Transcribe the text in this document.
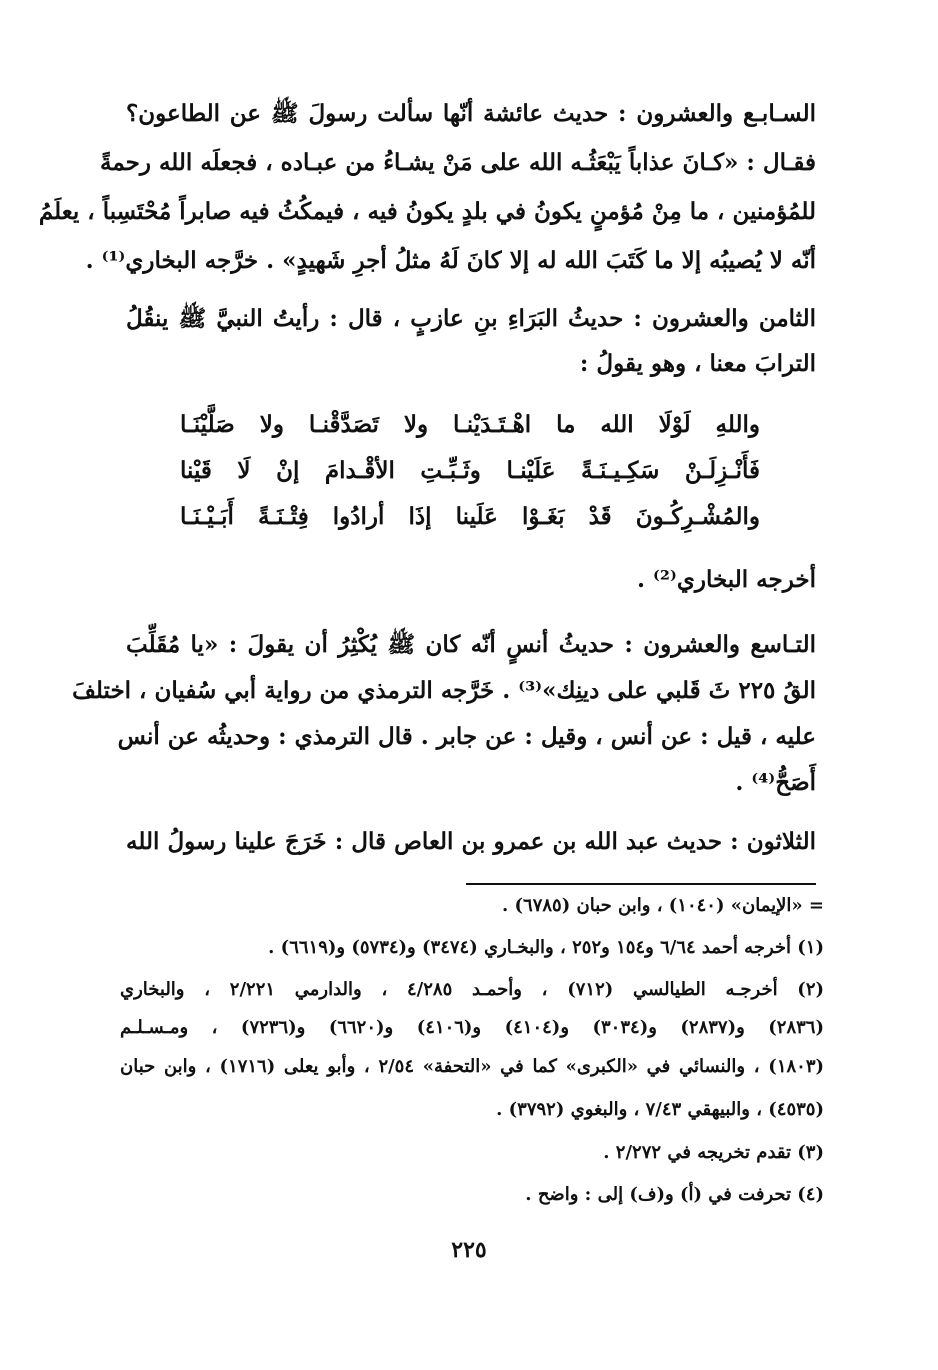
السـابـع والعشرون : حديث عائشة أنّها سألت رسولَ ﷺ عن الطاعون؟
فقـال : «كـانَ عذاباً يَبْعَثُـه الله على مَنْ يشـاءُ من عبـاده ، فجعلَه الله رحمةً
للمُؤمنين ، ما مِنْ مُؤمنٍ يكونُ في بلدٍ يكونُ فيه ، فيمكُثُ فيه صابراً مُحْتَسِباً ، يعلَمُ
أنّه لا يُصيبُه إلا ما كَتَبَ الله له إلا كانَ لَهُ مثلُ أجرِ شَهيدٍ» . خرَّجه البخاري⁽¹⁾ .
الثامن والعشرون : حديثُ البَرَاءِ بنِ عازبٍ ، قال : رأيتُ النبيَّ ﷺ ينقُلُ
الترابَ معنا ، وهو يقولُ :
واللهِ لَوْلَا الله ما اهْـتَـدَيْنـا ولا تَصَدَّقْنـا ولا صَلَّيْنَـا
فَأَنْـزِلَـنْ سَكِـيـنَـةً عَلَيْنـا وثَـبِّـتِ الأقْـدامَ إنْ لَا قَيْنا
والمُشْـرِكُـونَ قَدْ بَغَـوْا عَلَينا إذَا أرادُوا فِتْـنَـةً أَبَـيْـنَـا
أخرجه البخاري⁽²⁾ .
التـاسع والعشرون : حديثُ أنسٍ أنّه كان ﷺ يُكْثِرُ أن يقولَ : «يا مُقَلِّبَ
القُ ٢٢٥ ثَ قَلبي على دينِك»⁽³⁾ . خَرَّجه الترمذي من رواية أبي سُفيان ، اختلفَ
عليه ، قيل : عن أنس ، وقيل : عن جابر . قال الترمذي : وحديثُه عن أنس
أَصَحُّ⁽⁴⁾ .
الثلاثون : حديث عبد الله بن عمرو بن العاص قال : خَرَجَ علينا رسولُ الله
= «الإيمان» (١٠٤٠) ، وابن حبان (٦٧٨٥) .
(١) أخرجه أحمد ٦/٦٤ و١٥٤ و٢٥٢ ، والبخـاري (٣٤٧٤) و(٥٧٣٤) و(٦٦١٩) .
(٢) أخرجـه الطيالسي (٧١٢) ، وأحمـد ٤/٢٨٥ ، والدارمي ٢/٢٢١ ، والبخاري
(٢٨٣٦) و(٢٨٣٧) و(٣٠٣٤) و(٤١٠٤) و(٤١٠٦) و(٦٦٢٠) و(٧٢٣٦) ، ومـسـلـم
(١٨٠٣) ، والنسائي في «الكبرى» كما في «التحفة» ٢/٥٤ ، وأبو يعلى (١٧١٦) ، وابن حبان
(٤٥٣٥) ، والبيهقي ٧/٤٣ ، والبغوي (٣٧٩٢) .
(٣) تقدم تخريجه في ٢/٢٧٢ .
(٤) تحرفت في (أ) و(ف) إلى : واضح .
٢٢٥
